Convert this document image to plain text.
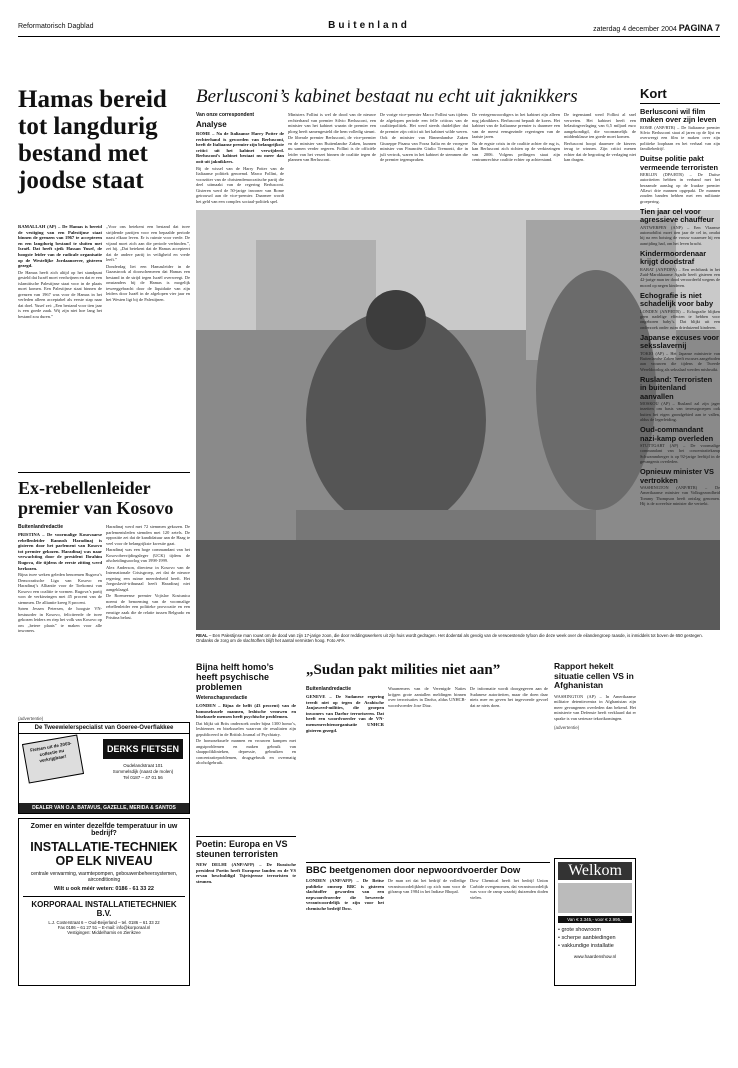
Reformatorisch Dagblad	Buitenland	zaterdag 4 december 2004 PAGINA 7
Hamas bereid tot langdurig bestand met joodse staat
RAMALLAH (AP) – De Hamas is bereid de vestiging van een Palestijnse staat binnen de grenzen van 1967 te accepteren en een langdurig bestand te sluiten met Israël. Dat heeft sjeik Hassan Yusef, de hoogste leider van de radicale organisatie op de Westelijke Jordaanoever, gisteren gezegd.
De Hamas heeft zich altijd op het standpunt gesteld dat Israël moet verdwijnen en dat er een islamitische Palestijnse staat voor in de plaats moet komen. Een Palestijnse staat binnen de grenzen van 1967 was voor de Hamas in het verleden alleen acceptabel als eerste stap naar dat doel. Yusef zei: „Een bestand voor tien jaar is een goede zaak. Wij zijn niet hoe lang het bestand zou duren.”
„Voor ons betekent een bestand dat twee strijdende partijen voor een bepaalde periode naast elkaar leven. Er is ruimte voor vrede. De vijand moet zich aan die periode verbinden.”, zei hij. „Dat betekent dat de Hamas accepteert dat de andere partij in veiligheid en vrede leeft.”
Donderdag liet een Hamasleider in de Gazastrook al doorschemeren dat Hamas een bestand in de strijd tegen Israël overweegt. De omstanders bij de Hamas is mogelijk teweeggebracht door de liquidatie van zijn leiders door Israël in de afgelopen vier jaar en het Westen ligt bij de Palestijnen.
Berlusconi’s kabinet bestaat nu echt uit jaknikkers
Van onze correspondent
Analyse
ROME – Na de Italiaanse Harry Potter de rechterhand is geworden van Berlusconi, heeft de Italiaanse premier zijn belangrijkste critici uit het kabinet verwijderd. Berlusconi’s kabinet bestaat nu meer dan ooit uit jaknikkers.
Bij de wissel van de Harry Potter van de Italiaanse politiek genoemd. Marco Follini, de voorzitter van de christendemocratische partij die deel uitmaakt van de regering Berlusconi. Gisteren werd de 50-jarige inwoner van Rome getrouwd aan de vice-premier. Daarmee wordt het geld van een complex sociaal-politiek spel.
Ministers Follini is wel de dood van de nieuwe rechterhand van premier Silvio Berlusconi, een minister van het kabinet waarin de premier een ploeg heeft samengesteld die hem volledig steunt.
De liberale premier Berlusconi, de vice-premier en de minister van Buitenlandse Zaken, kunnen nu samen verder regeren. Follini is de officiële leider van het verzet binnen de coalitie tegen de plannen van Berlusconi.
De vorige vice-premier Marco Follini was tijdens de afgelopen periode een felle criticus van de coalitiepolitiek. Het werd steeds duidelijker dat de premier zijn critici uit het kabinet wilde weren.
Ook de minister van Binnenlandse Zaken Giuseppe Pisanu van Forza Italia en de vroegere minister van Financiën Giulio Tremonti, die in juli vertrok, waren in het kabinet de stemmen die de premier tegenspraken.
De vertegenwoordigers in het kabinet zijn alleen nog jaknikkers. Berlusconi bepaalt de koers. Het kabinet van de Italiaanse premier is daarmee een van de meest eensgezinde regeringen van de laatste jaren.
Nu de ergste crisis in de coalitie achter de rug is, kan Berlusconi zich richten op de verkiezingen van 2006. Volgens peilingen staat zijn centrumrechtse coalitie echter op achterstand.
De tegenstand werd Follini al snel verweten. Het kabinet heeft een belastingverlaging van 6,5 miljard euro aangekondigd, die voornamelijk de middenklasse ten goede moet komen.
Berlusconi hoopt daarmee de kiezers terug te winnen. Zijn critici menen echter dat de begroting de verlaging niet kan dragen.
REAL – Een Palestijnse man rouwt om de dood van zijn 17-jarige zoon, die door reddingswerkers uit zijn huis wordt gedragen. Het dodental als gevolg van de verwoestende tyfoon die deze week over de eilandengroep raasde, is inmiddels tot boven de 650 gestegen. Ondanks de zorg om de slachtoffers blijft het aantal vermisten hoog. Foto AFA
Kort
Berlusconi wil film maken over zijn leven
ROME (ANP/RTR) – De Italiaanse premier Silvio Berlusconi staat al jaren op de lijst en overweegt een film te maken over zijn politieke loopbaan en het verhaal van zijn familiebedrijf.
Duitse politie pakt vermeende terroristen
BERLIJN (DPA/RTR) – De Duitse autoriteiten hebben in verband met het beraamde aanslag op de Iraakse premier Allawi drie mannen opgepakt. De mannen zouden banden hebben met een militante groepering.
Tien jaar cel voor agressieve chauffeur
ANTWERPEN (ANP) – Een Vlaamse automobilist moet tien jaar de cel in, omdat hij na een botsing de vrouw waarmee hij een aanrijding had, om het leven bracht.
Kindermoordenaar krijgt doodstraf
RABAT (ANP/DPA) – Een rechtbank in het Zuid-Marokkaanse Agadir heeft gisteren een 42-jarige man ter dood veroordeeld wegens de moord op negen kinderen.
Echografie is niet schadelijk voor baby
LONDEN (ANP/RTR) – Echografie blijken geen nadelige effecten te hebben voor ongeboren baby’s. Dat blijkt uit een onderzoek onder ruim drieduizend kinderen.
Japanse excuses voor seksslavernij
TOKIO (AP) – Het Japanse ministerie van Buitenlandse Zaken heeft excuses aangeboden aan vrouwen die tijdens de Tweede Wereldoorlog als seksslaaf werden misbruikt.
Rusland: Terroristen in buitenland aanvallen
MOSKOU (AP) – Rusland zal zijn jager inzetten om basis van terreurgroepen ook buiten het eigen grondgebied aan te vallen, aldus de legerleiding.
Oud-commandant nazi-kamp overleden
STUTTGART (AP) – De voormalige commandant van het concentratiekamp Schwammberger is op 92-jarige leeftijd in de gevangenis overleden.
Opnieuw minister VS vertrokken
WASHINGTON (ANP/RTR) – De Amerikaanse minister van Volksgezondheid Tommy Thompson heeft ontslag genomen. Hij is de zoveelste minister die vertrekt.
Ex-rebellenleider premier van Kosovo
Buitenlandredactie
PRISTINA – De voormalige Kosovaarse rebellenleider Ramush Haradinaj is gisteren door het parlement van Kosovo tot premier gekozen. Haradinaj was naar verwachting door de president Ibrahim Rugova, die tijdens de eerste zitting werd herkozen.
Bijna twee weken geleden benoemen Rugova’s Democratische Liga van Kosovo en Haradinaj’s Alliantie voor de Toekomst van Kosovo een coalitie te vormen. Rugova’s partij won de verkiezingen met 45 procent van de stemmen. De alliantie kreeg 8 procent.
Søren Jessen Petersen, de hoogste VN-bestuurder in Kosovo, feliciteerde de twee gekozen leiders en riep het volk van Kosovo op om „betere plaats” te maken voor alle inwoners.
Haradinaj werd met 72 stemmen gekozen. De parlementsleden stemden met 120 zetels. De oppositie zei dat de kandidatuur aan de Haag te veel voor de belangrijkste kwestie gaat.
Haradinaj was een hoge commandant van het Kosovobevrijdingsleger (UCK) tijdens de afscheidingsoorlog van 1998-1999.
Alex Anderson, directeur in Kosovo van de Internationale Crisisgroep, zei dat de nieuwe regering een ruime meerderheid heeft. Het Joegoslavië-tribunaal heeft Haradinaj niet aangeklaagd.
De Roemeense premier Vojislav Kostunica noemt de benoeming van de voormalige rebellenleider een politieke provocatie en een ernstige zaak die de relatie tussen Belgrado en Pristina belast.
(advertentie)
De Tweewielerspecialist van Goeree-Overflakkee
Fietsen uit de 2003-collectie nu verkrijgbaar!
DERKS FIETSEN
Oudelandstraat 101
Sommelsdijk (naast de molen)
Tel 0187 – 47 01 56
DEALER VAN O.A. BATAVUS, GAZELLE, MERIDA & SANTOS
Zomer en winter dezelfde temperatuur in uw bedrijf?
INSTALLATIE-TECHNIEK OP ELK NIVEAU
centrale verwarming, warmtepompen, gebouwenbeheersystemen, airconditioning
Wilt u ook méér weten: 0186 - 61 33 22
KORPORAAL INSTALLATIETECHNIEK B.V.
L.J. Costerstraat 6 – Oud-Beijerland – tel. 0186 – 61 33 22
Fax 0186 – 61 27 51 – E-mail: info@korporaal.nl
Vestigingen: Middelharnis en Zierikzee
Bijna helft homo’s heeft psychische problemen
Wetenschapsredactie
LONDEN – Bijna de helft (43 procent) van de homoseksuele mannen, lesbische vrouwen en biseksuele mensen heeft psychische problemen.
Dat blijkt uit Brits onderzoek onder bijna 1300 homo’s, lesbiennes en biseksuelen waarvan de resultaten zijn gepubliceerd in de British Journal of Psychiatry.
De homoseksuele mannen en vrouwen kampen met angstproblemen en maken gebruik van slaappoliklinieken, depressie, gebruiken en concentratieproblemen, drugsgebruik en overmatig alcoholgebruik.
„Sudan pakt milities niet aan”
Buitenlandredactie
GENEVE – De Sudanese regering treedt niet op tegen de Arabische Janjaweed-milities, die groepen inwoners van Darfur terroriseren. Dat heeft een woordvoerder van de VN-mensenrechtenorganisatie UNHCR gisteren gezegd.
Waarnemers van de Verenigde Naties krijgen grote aantallen meldingen binnen over terrorisaties in Darfur, aldus UNHCR-woordvoerder Jose Diaz.
De informatie wordt doorgegeven aan de Sudanese autoriteiten, maar die doen daar niets mee en geven het ingevoerde gevoel dat ze niets doen.
Rapport hekelt situatie cellen VS in Afghanistan
WASHINGTON (AP) – In Amerikaanse militaire detentiecentra in Afghanistan zijn meer gevangenen overleden dan bekend. Het ministerie van Defensie heeft verklaard dat er sprake is van serieuze tekortkomingen.
(advertentie)
Poetin: Europa en VS steunen terroristen
NEW DELHI (ANP/AFP) – De Russische president Poetin heeft Europese landen en de VS ervan beschuldigd Tsjetsjeense terroristen te steunen.
BBC beetgenomen door nepwoordvoerder Dow
LONDEN (ANP/AFP) – De Britse publieke omroep BBC is gisteren slachtoffer geworden van een nepwoordvoerder die beweerde verantwoordelijk te zijn voor het chemische bedrijf Dow.
De man zei dat het bedrijf de volledige verantwoordelijkheid op zich nam voor de giframp van 1984 in het Indiase Bhopal.
Dow Chemical heeft het bedrijf Union Carbide overgenomen, dat verantwoordelijk was voor de ramp waarbij duizenden doden vielen.
Welkom
Van € 3.345,- voor € 2.995,-
• grote showroom
• scherpe aanbiedingen
• vakkundige installatie
www.haardenshow.nl
